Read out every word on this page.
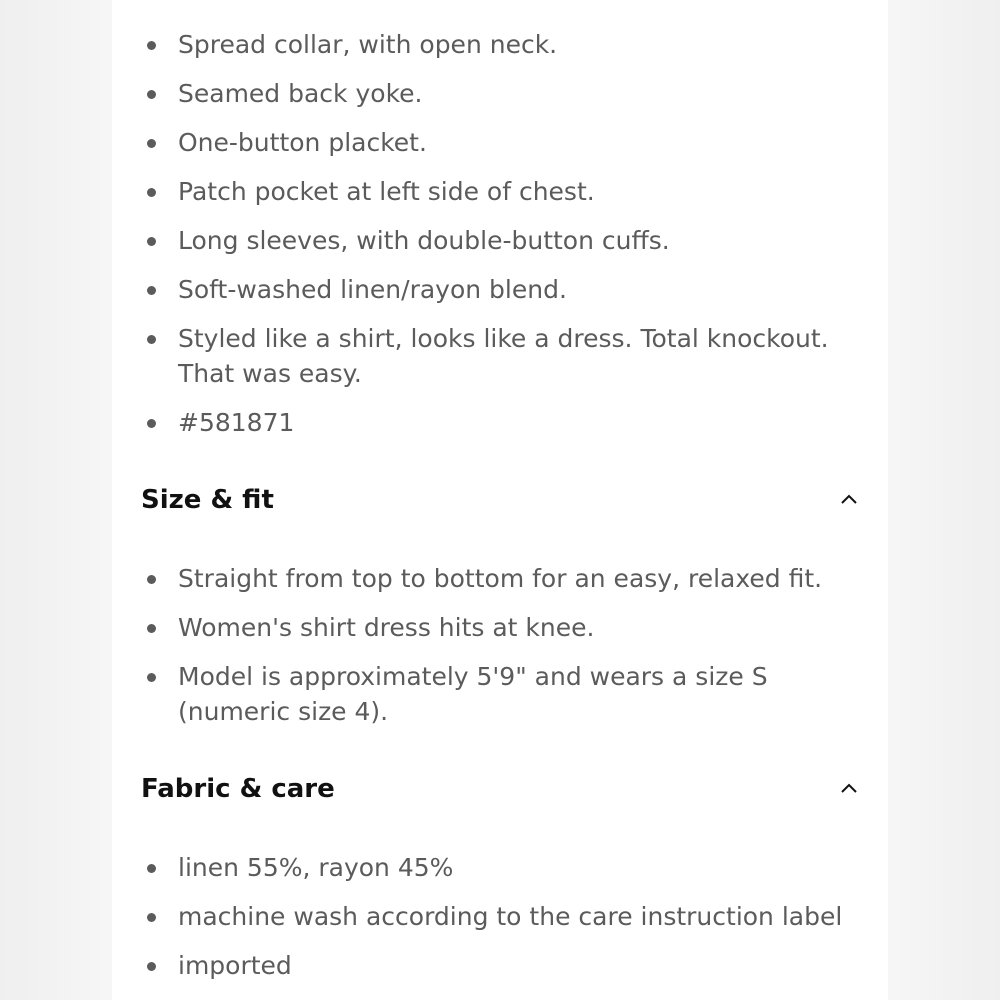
Spread collar, with open neck.
Seamed back yoke.
One-button placket.
Patch pocket at left side of chest.
Long sleeves, with double-button cuffs.
Soft-washed linen/rayon blend.
Styled like a shirt, looks like a dress. Total knockout. That was easy.
#581871
Size & fit
Straight from top to bottom for an easy, relaxed fit.
Women's shirt dress hits at knee.
Model is approximately 5'9" and wears a size S (numeric size 4).
Fabric & care
linen 55%, rayon 45%
machine wash according to the care instruction label
imported
